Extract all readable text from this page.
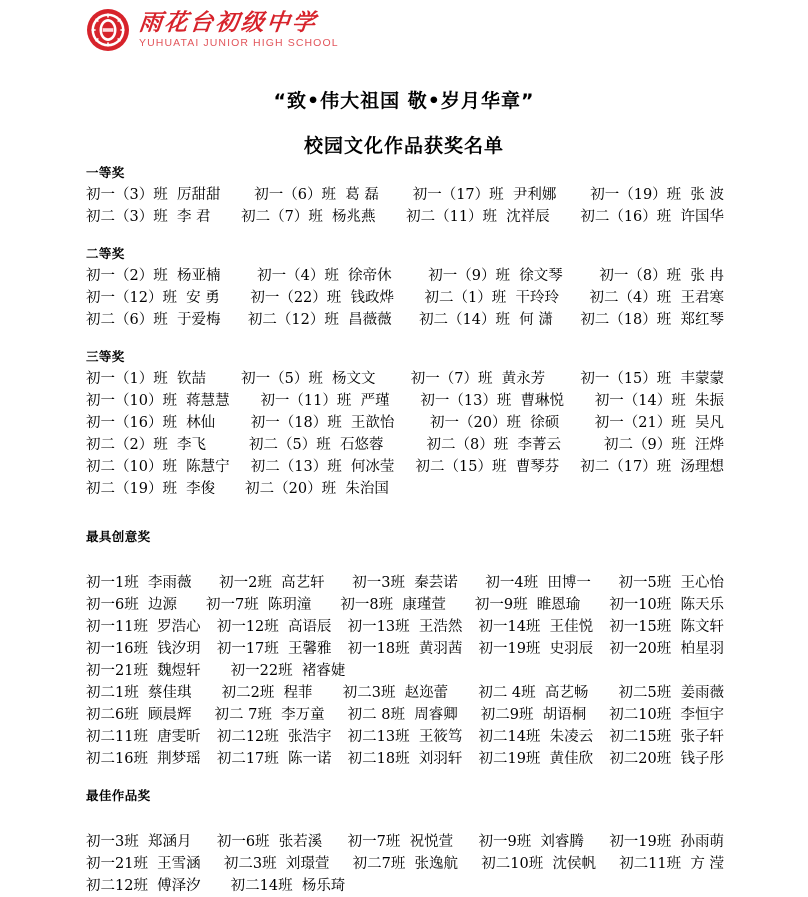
雨花台初级中学
YUHUATAI JUNIOR HIGH SCHOOL
“致•伟大祖国 敬•岁月华章”
校园文化作品获奖名单
一等奖
初一（3）班  厉甜甜 初一（6）班  葛 磊 初一（17）班  尹利娜 初一（19）班  张 波
初二（3）班  李 君 初二（7）班  杨兆燕 初二（11）班  沈祥辰 初二（16）班  许国华
二等奖
初一（2）班  杨亚楠	初一（4）班  徐帝休	初一（9）班  徐文琴	初一（8）班  张 冉
初一（12）班  安 勇 初一（22）班  钱政烨 初二（1）班  干玲玲 初二（4）班  王君寒
初二（6）班  于爱梅 初二（12）班  昌薇薇 初二（14）班  何 潇 初二（18）班  郑红琴
三等奖
初一（1）班  钦喆 初一（5）班  杨文文 初一（7）班  黄永芳 初一（15）班  丰蒙蒙
初一（10）班  蒋慧慧 初一（11）班  严瑾 初一（13）班  曹琳悦 初一（14）班  朱振
初一（16）班  林仙 初一（18）班  王歆怡 初一（20）班  徐硕 初一（21）班  吴凡
初二（2）班  李飞	初二（5）班  石悠蓉	初二（8）班  李菁云	初二（9）班  汪烨
初二（10）班  陈慧宁 初二（13）班  何冰莹 初二（15）班  曹琴芬 初二（17）班  汤理想
初二（19）班  李俊 初二（20）班  朱治国
最具创意奖
初一1班  李雨薇 初一2班  高艺轩 初一3班  秦芸诺 初一4班  田博一 初一5班  王心怡
初一6班  边源 初一7班  陈玥潼 初一8班  康瑾萱 初一9班  睢恩瑜 初一10班  陈天乐
初一11班  罗浩心 初一12班  高语辰 初一13班  王浩然 初一14班  王佳悦 初一15班  陈文轩
初一16班  钱汐玥 初一17班  王馨雅 初一18班  黄羽茜 初一19班  史羽辰 初一20班  柏星羽
初一21班  魏煜轩 初一22班  褚睿婕
初二1班  蔡佳琪 初二2班  程菲 初二3班  赵迩蕾 初二 4班  高艺畅 初二5班  姜雨薇
初二6班  顾晨辉 初二 7班  李万童 初二 8班  周睿卿 初二9班  胡语桐 初二10班  李恒宇
初二11班  唐雯昕 初二12班  张浩宇 初二13班  王筱笃 初二14班  朱凌云 初二15班  张子轩
初二16班  荆梦瑶 初二17班  陈一诺 初二18班  刘羽轩 初二19班  黄佳欣 初二20班  钱子彤
最佳作品奖
初一3班  郑涵月 初一6班  张若溪 初一7班  祝悦萱 初一9班  刘睿腾 初一19班  孙雨萌
初一21班  王雪涵 初二3班  刘璟萱 初二7班  张逸航 初二10班  沈侯帆 初二11班  方 滢
初二12班  傅泽汐 初二14班  杨乐琦
